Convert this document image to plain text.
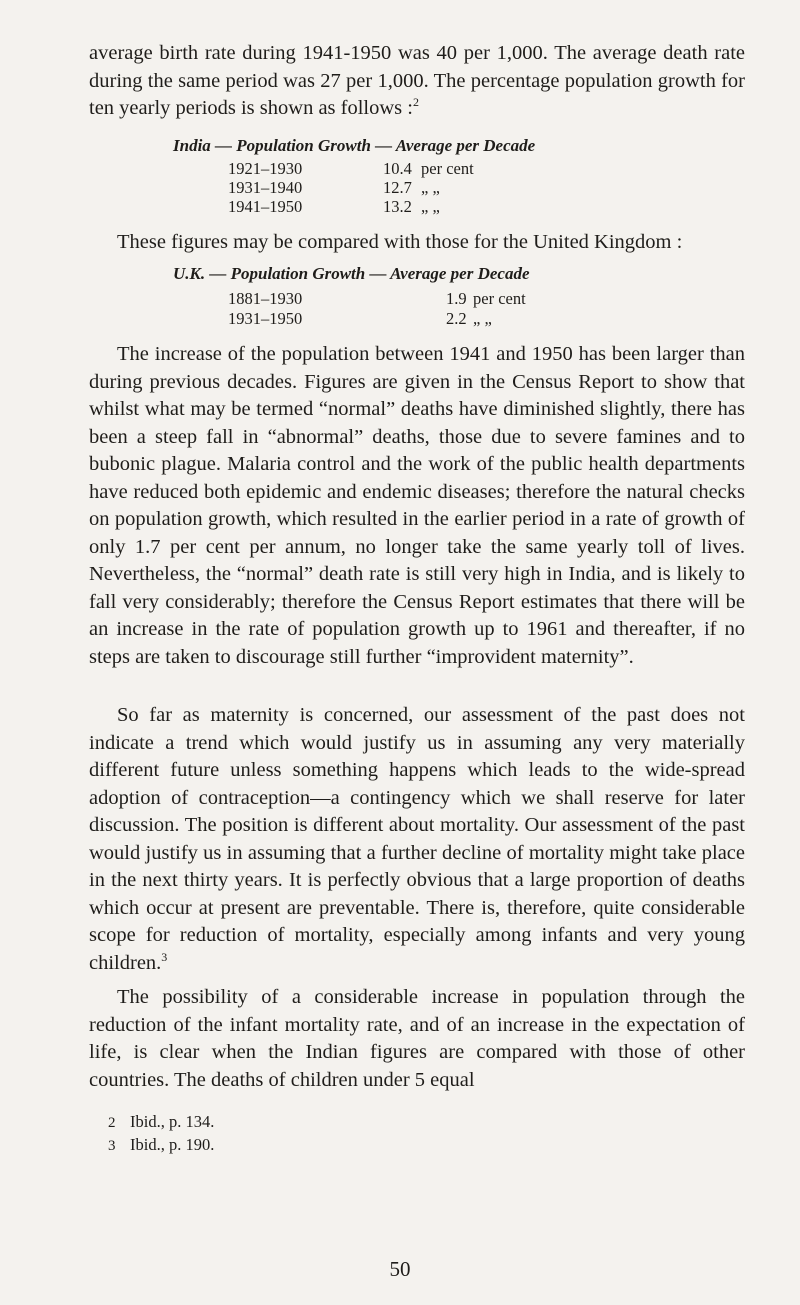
average birth rate during 1941-1950 was 40 per 1,000. The average death rate during the same period was 27 per 1,000. The percentage population growth for ten yearly periods is shown as follows :$^2$

India — Population Growth — Average per Decade
1921–1930	10.4 per cent
1931–1940	12.7 „ „
1941–1950	13.2 „ „

These figures may be compared with those for the United Kingdom :

U.K. — Population Growth — Average per Decade
1881–1930	1.9 per cent
1931–1950	2.2 „ „

The increase of the population between 1941 and 1950 has been larger than during previous decades. Figures are given in the Census Report to show that whilst what may be termed “normal” deaths have diminished slightly, there has been a steep fall in “abnormal” deaths, those due to severe famines and to bubonic plague. Malaria control and the work of the public health departments have reduced both epidemic and endemic diseases; therefore the natural checks on population growth, which resulted in the earlier period in a rate of growth of only 1.7 per cent per annum, no longer take the same yearly toll of lives. Nevertheless, the “normal” death rate is still very high in India, and is likely to fall very considerably; therefore the Census Report estimates that there will be an increase in the rate of population growth up to 1961 and thereafter, if no steps are taken to discourage still further “improvident maternity”.

So far as maternity is concerned, our assessment of the past does not indicate a trend which would justify us in assuming any very materially different future unless something happens which leads to the wide-spread adoption of contraception—a contingency which we shall reserve for later discussion. The position is different about mortality. Our assessment of the past would justify us in assuming that a further decline of mortality might take place in the next thirty years. It is perfectly obvious that a large proportion of deaths which occur at present are preventable. There is, therefore, quite considerable scope for reduction of mortality, especially among infants and very young children.$^3$

The possibility of a considerable increase in population through the reduction of the infant mortality rate, and of an increase in the expectation of life, is clear when the Indian figures are compared with those of other countries. The deaths of children under 5 equal

2 Ibid., p. 134.
3 Ibid., p. 190.
50
